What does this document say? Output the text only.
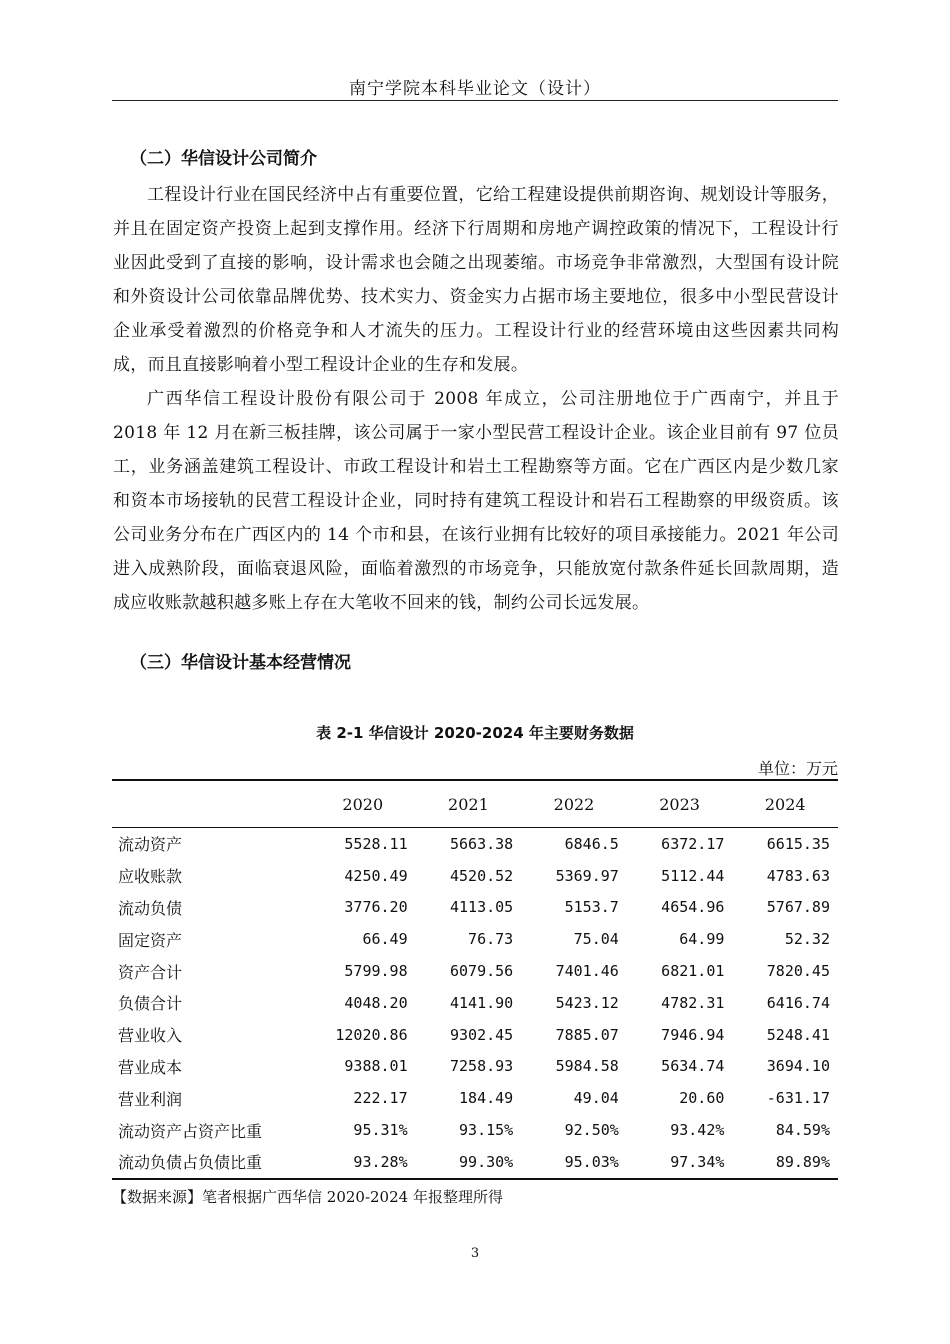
南宁学院本科毕业论文（设计）
（二）华信设计公司简介

工程设计行业在国民经济中占有重要位置，它给工程建设提供前期咨询、规划设计等服务，并且在固定资产投资上起到支撑作用。经济下行周期和房地产调控政策的情况下，工程设计行业因此受到了直接的影响，设计需求也会随之出现萎缩。市场竞争非常激烈，大型国有设计院和外资设计公司依靠品牌优势、技术实力、资金实力占据市场主要地位，很多中小型民营设计企业承受着激烈的价格竞争和人才流失的压力。工程设计行业的经营环境由这些因素共同构成，而且直接影响着小型工程设计企业的生存和发展。

广西华信工程设计股份有限公司于 2008 年成立，公司注册地位于广西南宁，并且于 2018 年 12 月在新三板挂牌，该公司属于一家小型民营工程设计企业。该企业目前有 97 位员工，业务涵盖建筑工程设计、市政工程设计和岩土工程勘察等方面。它在广西区内是少数几家和资本市场接轨的民营工程设计企业，同时持有建筑工程设计和岩石工程勘察的甲级资质。该公司业务分布在广西区内的 14 个市和县，在该行业拥有比较好的项目承接能力。2021 年公司进入成熟阶段，面临衰退风险，面临着激烈的市场竞争，只能放宽付款条件延长回款周期，造成应收账款越积越多账上存在大笔收不回来的钱，制约公司长远发展。

（三）华信设计基本经营情况
表 2-1 华信设计 2020-2024 年主要财务数据
单位：万元
	2020	2021	2022	2023	2024
流动资产	5528.11	5663.38	6846.5	6372.17	6615.35
应收账款	4250.49	4520.52	5369.97	5112.44	4783.63
流动负债	3776.20	4113.05	5153.7	4654.96	5767.89
固定资产	66.49	76.73	75.04	64.99	52.32
资产合计	5799.98	6079.56	7401.46	6821.01	7820.45
负债合计	4048.20	4141.90	5423.12	4782.31	6416.74
营业收入	12020.86	9302.45	7885.07	7946.94	5248.41
营业成本	9388.01	7258.93	5984.58	5634.74	3694.10
营业利润	222.17	184.49	49.04	20.60	-631.17
流动资产占资产比重	95.31%	93.15%	92.50%	93.42%	84.59%
流动负债占负债比重	93.28%	99.30%	95.03%	97.34%	89.89%
【数据来源】笔者根据广西华信 2020-2024 年报整理所得
3
